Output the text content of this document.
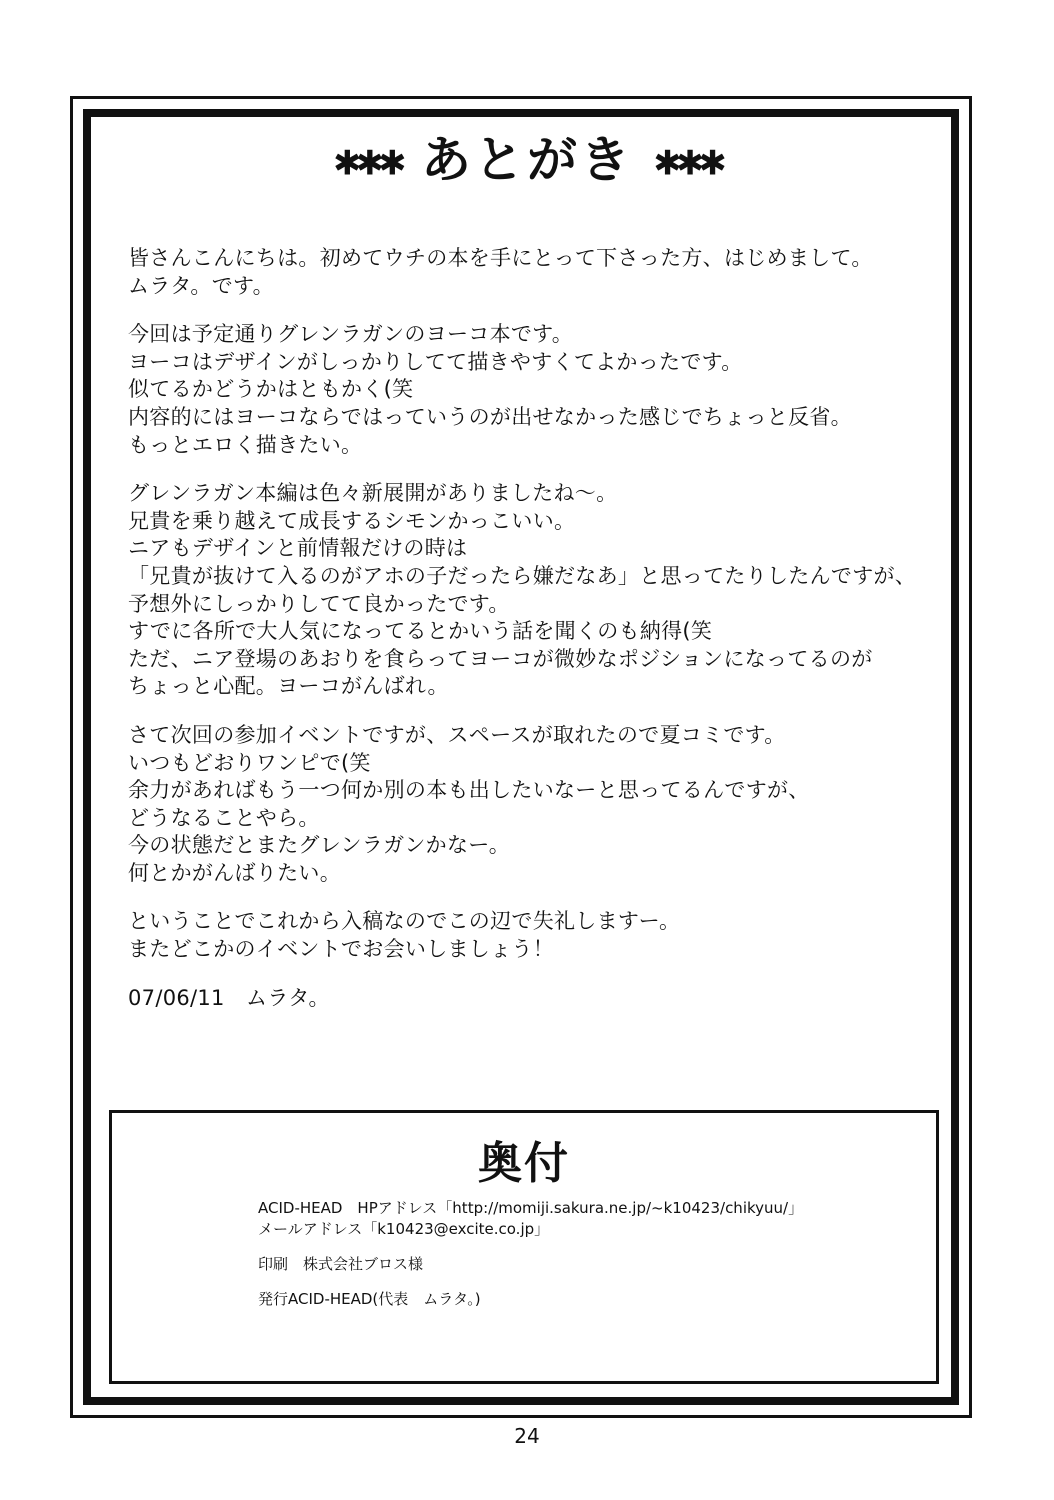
✱✱✱ あとがき ✱✱✱
皆さんこんにちは。初めてウチの本を手にとって下さった方、はじめまして。
ムラタ。です。
今回は予定通りグレンラガンのヨーコ本です。
ヨーコはデザインがしっかりしてて描きやすくてよかったです。
似てるかどうかはともかく(笑
内容的にはヨーコならではっていうのが出せなかった感じでちょっと反省。
もっとエロく描きたい。
グレンラガン本編は色々新展開がありましたね～。
兄貴を乗り越えて成長するシモンかっこいい。
ニアもデザインと前情報だけの時は
「兄貴が抜けて入るのがアホの子だったら嫌だなあ」と思ってたりしたんですが、
予想外にしっかりしてて良かったです。
すでに各所で大人気になってるとかいう話を聞くのも納得(笑
ただ、ニア登場のあおりを食らってヨーコが微妙なポジションになってるのが
ちょっと心配。ヨーコがんばれ。
さて次回の参加イベントですが、スペースが取れたので夏コミです。
いつもどおりワンピで(笑
余力があればもう一つ何か別の本も出したいなーと思ってるんですが、
どうなることやら。
今の状態だとまたグレンラガンかなー。
何とかがんばりたい。
ということでこれから入稿なのでこの辺で失礼しますー。
またどこかのイベントでお会いしましょう！
07/06/11　ムラタ。
奥付
ACID-HEAD　HPアドレス「http://momiji.sakura.ne.jp/~k10423/chikyuu/」
メールアドレス「k10423@excite.co.jp」
印刷　株式会社ブロス様
発行ACID-HEAD(代表　ムラタ。)
24
